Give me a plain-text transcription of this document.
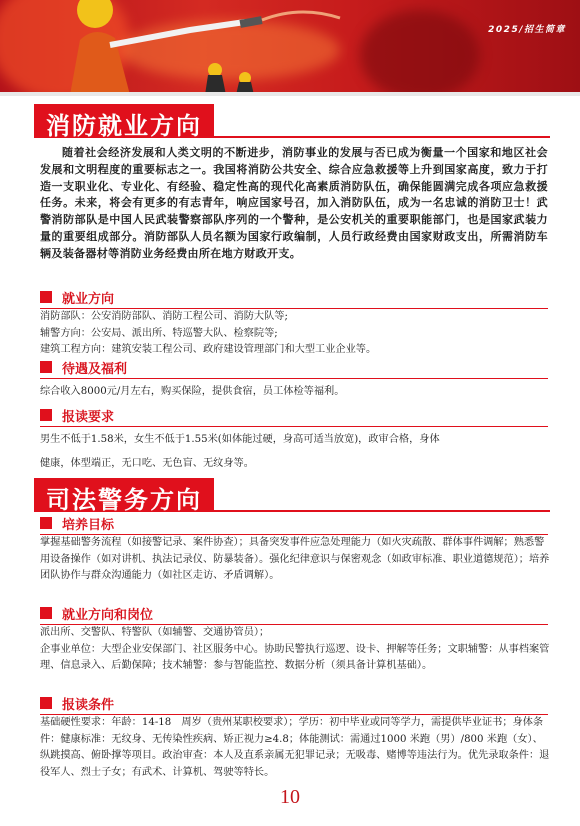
2025/招生简章
消防就业方向
随着社会经济发展和人类文明的不断进步，消防事业的发展与否已成为衡量一个国家和地区社会发展和文明程度的重要标志之一。我国将消防公共安全、综合应急救援等上升到国家高度，致力于打造一支职业化、专业化、有经验、稳定性高的现代化高素质消防队伍，确保能圆满完成各项应急救援任务。未来，将会有更多的有志青年，响应国家号召，加入消防队伍，成为一名忠诚的消防卫士！武警消防部队是中国人民武装警察部队序列的一个警种，是公安机关的重要职能部门，也是国家武装力量的重要组成部分。消防部队人员名额为国家行政编制，人员行政经费由国家财政支出，所需消防车辆及装备器材等消防业务经费由所在地方财政开支。
就业方向
消防部队：公安消防部队、消防工程公司、消防大队等;
辅警方向：公安局、派出所、特巡警大队、检察院等;
建筑工程方向：建筑安装工程公司、政府建设管理部门和大型工业企业等。
待遇及福利
综合收入8000元/月左右，购买保险，提供食宿，员工体检等福利。
报读要求
男生不低于1.58米，女生不低于1.55米(如体能过硬，身高可适当放宽)，政审合格，身体
健康，体型端正，无口吃、无色盲、无纹身等。
司法警务方向
培养目标
掌握基础警务流程（如接警记录、案件协查）；具备突发事件应急处理能力（如火灾疏散、群体事件调解；熟悉警用设备操作（如对讲机、执法记录仪、防暴装备）。强化纪律意识与保密观念（如政审标准、职业道德规范）；培养团队协作与群众沟通能力（如社区走访、矛盾调解）。
就业方向和岗位
派出所、交警队、特警队（如辅警、交通协管员）；
企事业单位：大型企业安保部门、社区服务中心。协助民警执行巡逻、设卡、押解等任务；文职辅警：从事档案管理、信息录入、后勤保障；技术辅警：参与智能监控、数据分析（须具备计算机基础）。
报读条件
基础硬性要求：年龄：14-18　周岁（贵州某职校要求）；学历：初中毕业或同等学力，需提供毕业证书；身体条件：健康标准：无纹身、无传染性疾病、矫正视力≥4.8；体能测试：需通过1000 米跑（男）/800 米跑（女）、纵跳摸高、俯卧撑等项目。政治审查：本人及直系亲属无犯罪记录；无吸毒、赌博等违法行为。优先录取条件：退役军人、烈士子女；有武术、计算机、驾驶等特长。
10
